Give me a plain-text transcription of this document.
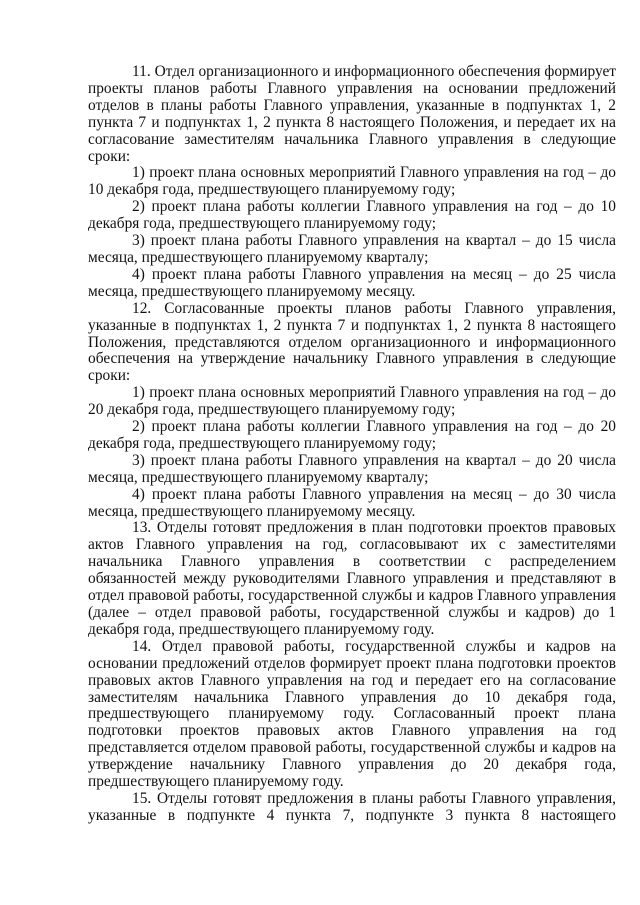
11. Отдел организационного и информационного обеспечения формирует проекты планов работы Главного управления на основании предложений отделов в планы работы Главного управления, указанные в подпунктах 1, 2 пункта 7 и подпунктах 1, 2 пункта 8 настоящего Положения, и передает их на согласование заместителям начальника Главного управления в следующие сроки:

1) проект плана основных мероприятий Главного управления на год – до 10 декабря года, предшествующего планируемому году;

2) проект плана работы коллегии Главного управления на год – до 10 декабря года, предшествующего планируемому году;

3) проект плана работы Главного управления на квартал – до 15 числа месяца, предшествующего планируемому кварталу;

4) проект плана работы Главного управления на месяц – до 25 числа месяца, предшествующего планируемому месяцу.

12. Согласованные проекты планов работы Главного управления, указанные в подпунктах 1, 2 пункта 7 и подпунктах 1, 2 пункта 8 настоящего Положения, представляются отделом организационного и информационного обеспечения на утверждение начальнику Главного управления в следующие сроки:

1) проект плана основных мероприятий Главного управления на год – до 20 декабря года, предшествующего планируемому году;

2) проект плана работы коллегии Главного управления на год – до 20 декабря года, предшествующего планируемому году;

3) проект плана работы Главного управления на квартал – до 20 числа месяца, предшествующего планируемому кварталу;

4) проект плана работы Главного управления на месяц – до 30 числа месяца, предшествующего планируемому месяцу.

13. Отделы готовят предложения в план подготовки проектов правовых актов Главного управления на год, согласовывают их с заместителями начальника Главного управления в соответствии с распределением обязанностей между руководителями Главного управления и представляют в отдел правовой работы, государственной службы и кадров Главного управления (далее – отдел правовой работы, государственной службы и кадров) до 1 декабря года, предшествующего планируемому году.

14. Отдел правовой работы, государственной службы и кадров на основании предложений отделов формирует проект плана подготовки проектов правовых актов Главного управления на год и передает его на согласование заместителям начальника Главного управления до 10 декабря года, предшествующего планируемому году. Согласованный проект плана подготовки проектов правовых актов Главного управления на год представляется отделом правовой работы, государственной службы и кадров на утверждение начальнику Главного управления до 20 декабря года, предшествующего планируемому году.

15. Отделы готовят предложения в планы работы Главного управления, указанные в подпункте 4 пункта 7, подпункте 3 пункта 8 настоящего
